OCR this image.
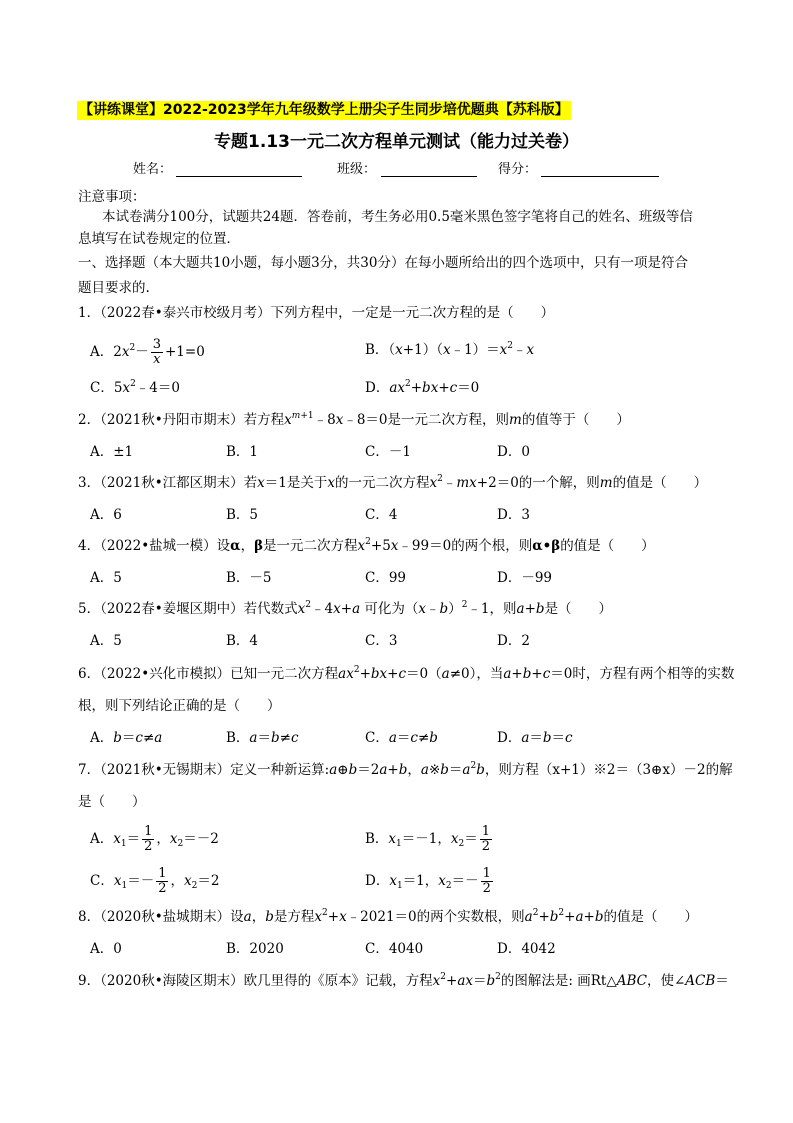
【讲练课堂】2022-2023学年九年级数学上册尖子生同步培优题典【苏科版】
专题1.13一元二次方程单元测试（能力过关卷）
姓名：	班级：	得分：
注意事项：
本试卷满分100分，试题共24题．答卷前，考生务必用0.5毫米黑色签字笔将自己的姓名、班级等信
息填写在试卷规定的位置．
一、选择题（本大题共10小题，每小题3分，共30分）在每小题所给出的四个选项中，只有一项是符合
题目要求的.
1．（2022春•泰兴市校级月考）下列方程中，一定是一元二次方程的是（　　）
A．$2x^2- \frac{3}{x} +1=0$	B．$(x+1)(x﹣1)=x^2﹣x$
C．$5x^2﹣4=0$	D．$ax^2+bx+c=0$
2．（2021秋•丹阳市期末）若方程$x^{m+1}﹣8x﹣8=0$是一元二次方程，则m的值等于（　　）
A．±1	B．1	C．－1	D．0
3．（2021秋•江都区期末）若x＝1是关于x的一元二次方程$x^2﹣mx+2=0$的一个解，则m的值是（　　）
A．6	B．5	C．4	D．3
4．（2022•盐城一模）设α，β是一元二次方程$x^2+5x﹣99=0$的两个根，则α•β的值是（　　）
A．5	B．－5	C．99	D．－99
5．（2022春•姜堰区期中）若代数式$x^2﹣4x+a$ 可化为（x﹣b）$^2$﹣1，则a+b是（　　）
A．5	B．4	C．3	D．2
6．（2022•兴化市模拟）已知一元二次方程$ax^2+bx+c=0(a\ne 0)$，当a+b+c＝0时，方程有两个相等的实数
根，则下列结论正确的是（　　）
A．b＝c≠a	B．a＝b≠c	C．a＝c≠b	D．a＝b＝c
7．（2021秋•无锡期末）定义一种新运算:a⊕b＝2a+b，$a※b=a^2b$，则方程（x+1）※2＝（3⊕x）－2的解
是（　　）
A．$x_1= \frac{1}{2}$ ，$x_2=-2$	B．$x_1=-1$，$x_2= \frac{1}{2}$
C．$x_1=- \frac{1}{2}$ ，$x_2=2$	D．$x_1=1$，$x_2=- \frac{1}{2}$
8．（2020秋•盐城期末）设a，b是方程$x^2+x﹣2021=0$的两个实数根，则$a^2+b^2+a+b$的值是（　　）
A．0	B．2020	C．4040	D．4042
9．（2020秋•海陵区期末）欧几里得的《原本》记载，方程$x^2+ax=b^2$的图解法是: 画Rt△ABC，使∠ACB＝
